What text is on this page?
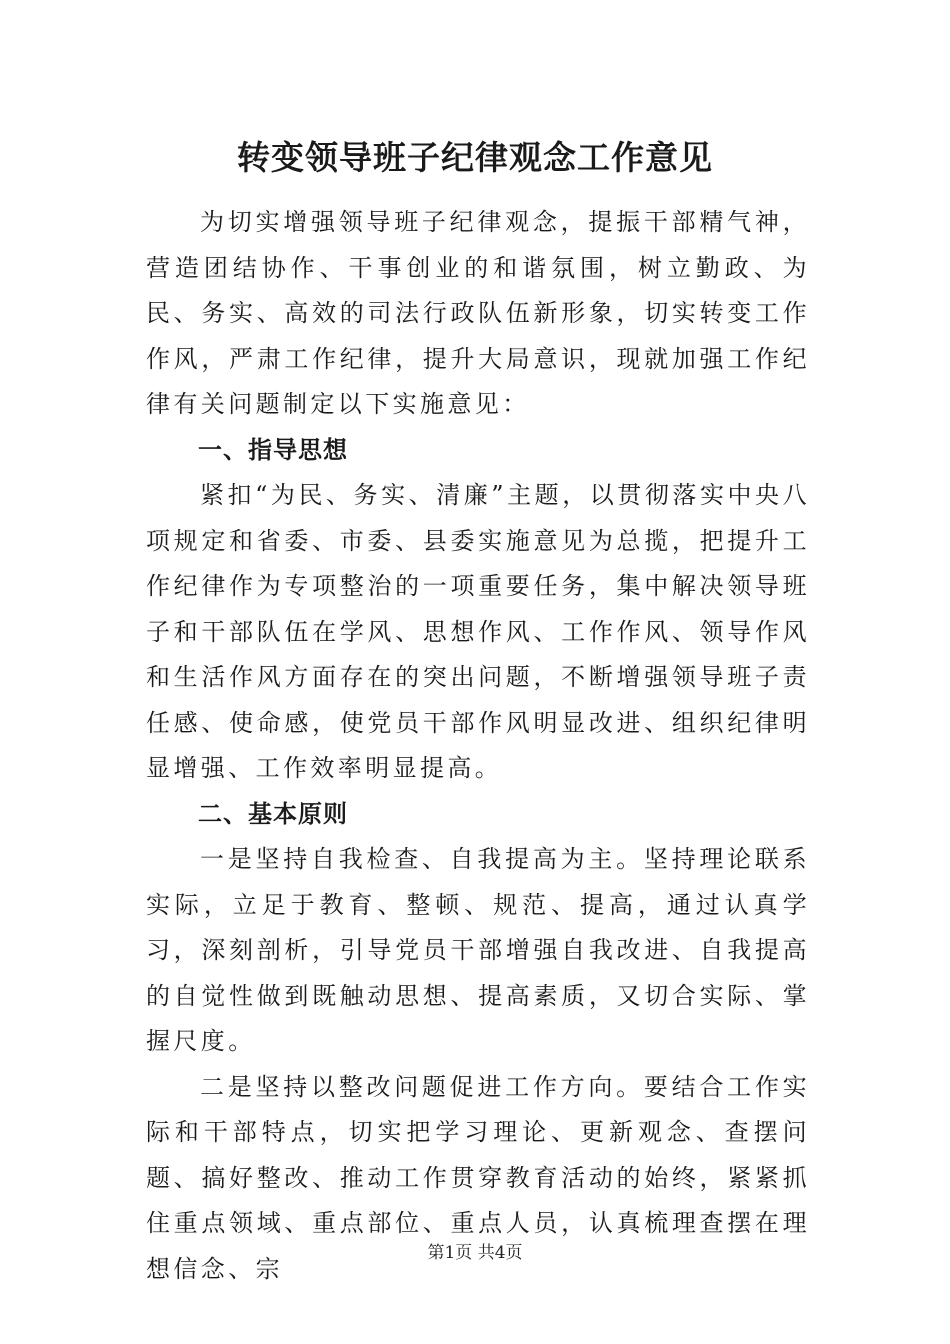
转变领导班子纪律观念工作意见

为切实增强领导班子纪律观念，提振干部精气神，营造团结协作、干事创业的和谐氛围，树立勤政、为民、务实、高效的司法行政队伍新形象，切实转变工作作风，严肃工作纪律，提升大局意识，现就加强工作纪律有关问题制定以下实施意见：

一、指导思想

紧扣“为民、务实、清廉”主题，以贯彻落实中央八项规定和省委、市委、县委实施意见为总揽，把提升工作纪律作为专项整治的一项重要任务，集中解决领导班子和干部队伍在学风、思想作风、工作作风、领导作风和生活作风方面存在的突出问题，不断增强领导班子责任感、使命感，使党员干部作风明显改进、组织纪律明显增强、工作效率明显提高。

二、基本原则

一是坚持自我检查、自我提高为主。坚持理论联系实际，立足于教育、整顿、规范、提高，通过认真学习，深刻剖析，引导党员干部增强自我改进、自我提高的自觉性做到既触动思想、提高素质，又切合实际、掌握尺度。

二是坚持以整改问题促进工作方向。要结合工作实际和干部特点，切实把学习理论、更新观念、查摆问题、搞好整改、推动工作贯穿教育活动的始终，紧紧抓住重点领域、重点部位、重点人员，认真梳理查摆在理想信念、宗

第1页 共4页
